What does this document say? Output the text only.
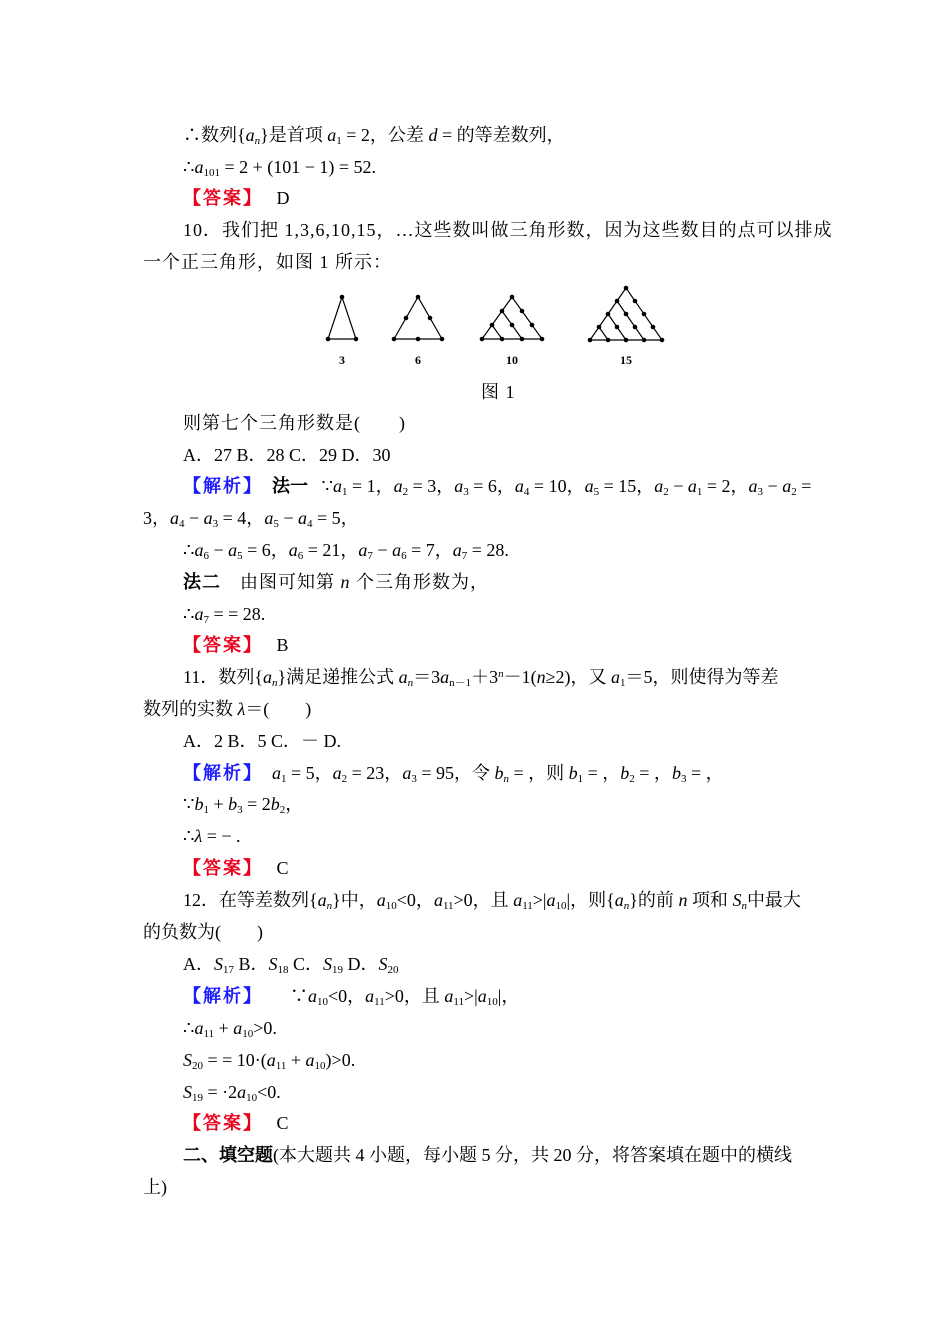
∴数列$\{a_n\}$是首项 $a_1 = 2$，公差 d = 的等差数列，
$\therefore a_{101} = 2 + (101 - 1) = 52$.
【答案】 D
10．我们把 1,3,6,10,15，…这些数叫做三角形数，因为这些数目的点可以排成
一个正三角形，如图 1 所示：
3	6	10	15
图 1
则第七个三角形数是(　　)
A．27 B．28 C．29 D．30
【解析】 法一 $\because a_1 = 1$，$a_2 = 3$，$a_3 = 6$，$a_4 = 10$，$a_5 = 15$，$a_2 - a_1 = 2$，$a_3 - a_2$ =
3，$a_4 - a_3 = 4$，$a_5 - a_4 = 5$，
$\therefore a_6 - a_5 = 6$，$a_6 = 21$，$a_7 - a_6 = 7$，$a_7 = 28$.
法二　由图可知第 n 个三角形数为，
$\therefore a_7$ = = 28.
【答案】 B
11．数列$\{a_n\}$满足递推公式 $a_n=3a_{n-1}+3^n-1(n\ge 2)$，又 $a_1=5$，则使得为等差
数列的实数 λ＝(　　)
A．2 B．5 C．－ D.
【解析】　 $a_1 = 5$，$a_2 = 23$，$a_3 = 95$，令 $b_n$ = ，则 $b_1$ = ，$b_2$ = ，$b_3$ = ，
$\because b_1 + b_3 = 2b_2$，
∴λ = − .
【答案】 C
12．在等差数列$\{a_n\}$中，$a_{10}<0$，$a_{11}>0$，且 $a_{11}>|a_{10}|$，则$\{a_n\}$的前 n 项和 $S_n$中最大
的负数为(　　)
A．$S_{17}$ B．$S_{18}$ C．$S_{19}$ D．$S_{20}$
【解析】  　$\because a_{10}<0$，$a_{11}>0$，且 $a_{11}>|a_{10}|$，
$\therefore a_{11} + a_{10}>0$.
$S_{20}$ = = $10\cdot(a_{11} + a_{10})>0$.
$S_{19} = \cdot 2a_{10}<0$.
【答案】 C
二、填空题(本大题共 4 小题，每小题 5 分，共 20 分，将答案填在题中的横线
上)
